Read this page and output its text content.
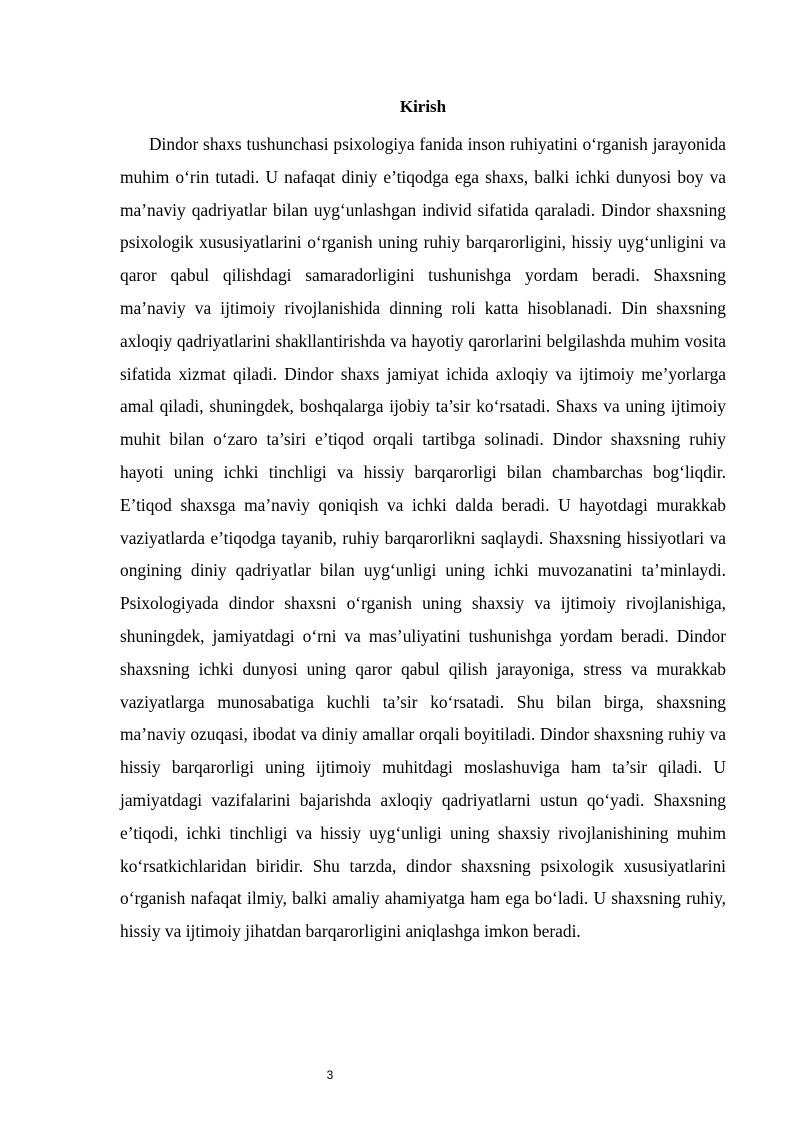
Kirish

Dindor shaxs tushunchasi psixologiya fanida inson ruhiyatini o‘rganish jarayonida muhim o‘rin tutadi. U nafaqat diniy e’tiqodga ega shaxs, balki ichki dunyosi boy va ma’naviy qadriyatlar bilan uyg‘unlashgan individ sifatida qaraladi. Dindor shaxsning psixologik xususiyatlarini o‘rganish uning ruhiy barqarorligini, hissiy uyg‘unligini va qaror qabul qilishdagi samaradorligini tushunishga yordam beradi. Shaxsning ma’naviy va ijtimoiy rivojlanishida dinning roli katta hisoblanadi. Din shaxsning axloqiy qadriyatlarini shakllantirishda va hayotiy qarorlarini belgilashda muhim vosita sifatida xizmat qiladi. Dindor shaxs jamiyat ichida axloqiy va ijtimoiy me’yorlarga amal qiladi, shuningdek, boshqalarga ijobiy ta’sir ko‘rsatadi. Shaxs va uning ijtimoiy muhit bilan o‘zaro ta’siri e’tiqod orqali tartibga solinadi. Dindor shaxsning ruhiy hayoti uning ichki tinchligi va hissiy barqarorligi bilan chambarchas bog‘liqdir. E’tiqod shaxsga ma’naviy qoniqish va ichki dalda beradi. U hayotdagi murakkab vaziyatlarda e’tiqodga tayanib, ruhiy barqarorlikni saqlaydi. Shaxsning hissiyotlari va ongining diniy qadriyatlar bilan uyg‘unligi uning ichki muvozanatini ta’minlaydi. Psixologiyada dindor shaxsni o‘rganish uning shaxsiy va ijtimoiy rivojlanishiga, shuningdek, jamiyatdagi o‘rni va mas’uliyatini tushunishga yordam beradi. Dindor shaxsning ichki dunyosi uning qaror qabul qilish jarayoniga, stress va murakkab vaziyatlarga munosabatiga kuchli ta’sir ko‘rsatadi. Shu bilan birga, shaxsning ma’naviy ozuqasi, ibodat va diniy amallar orqali boyitiladi. Dindor shaxsning ruhiy va hissiy barqarorligi uning ijtimoiy muhitdagi moslashuviga ham ta’sir qiladi. U jamiyatdagi vazifalarini bajarishda axloqiy qadriyatlarni ustun qo‘yadi. Shaxsning e’tiqodi, ichki tinchligi va hissiy uyg‘unligi uning shaxsiy rivojlanishining muhim ko‘rsatkichlaridan biridir. Shu tarzda, dindor shaxsning psixologik xususiyatlarini o‘rganish nafaqat ilmiy, balki amaliy ahamiyatga ham ega bo‘ladi. U shaxsning ruhiy, hissiy va ijtimoiy jihatdan barqarorligini aniqlashga imkon beradi.

3
